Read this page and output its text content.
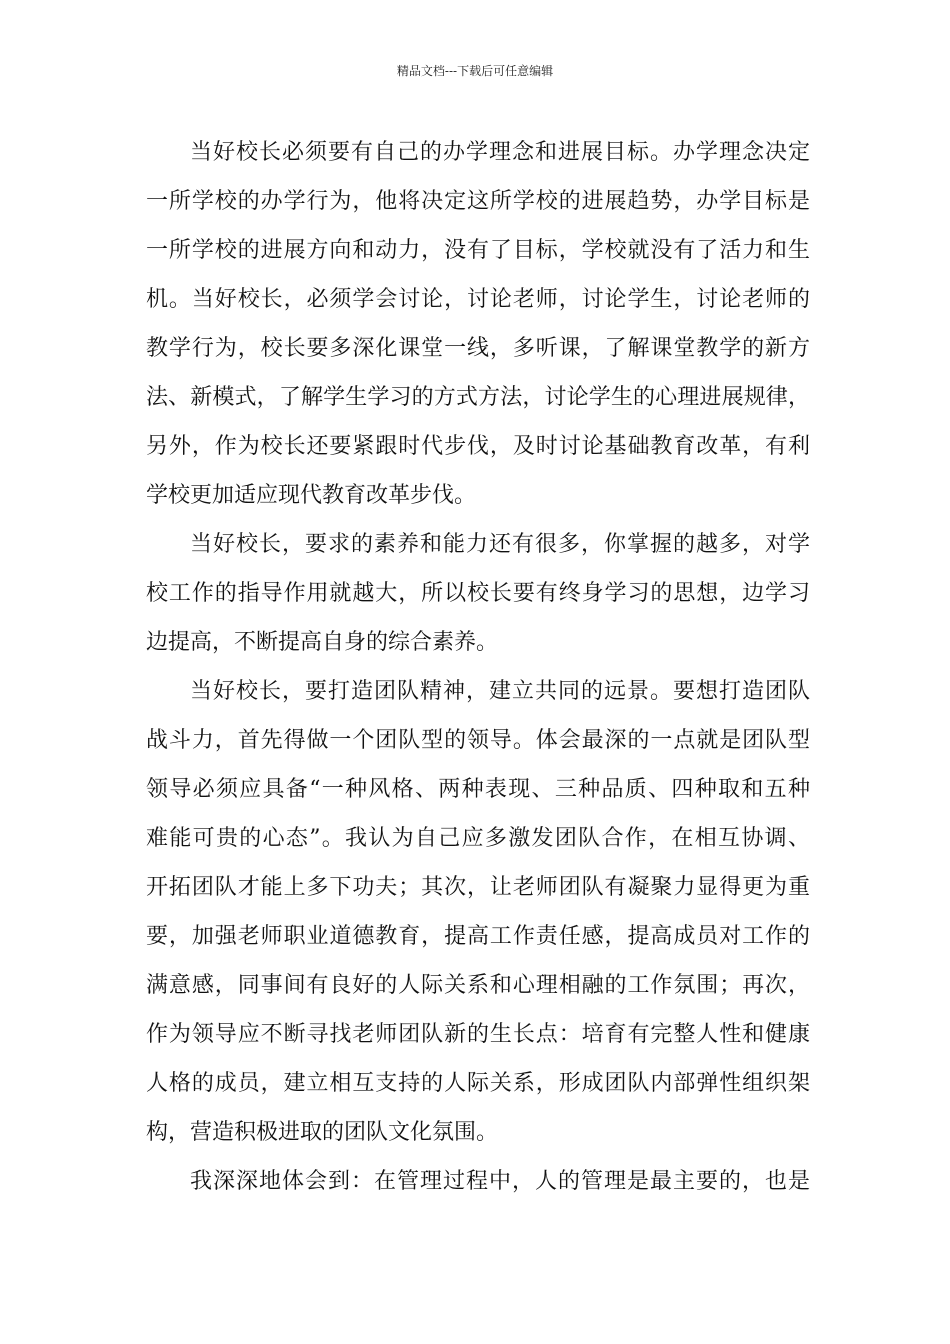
精品文档---下载后可任意编辑
当好校长必须要有自己的办学理念和进展目标。办学理念决定
一所学校的办学行为，他将决定这所学校的进展趋势，办学目标是
一所学校的进展方向和动力，没有了目标，学校就没有了活力和生
机。当好校长，必须学会讨论，讨论老师，讨论学生，讨论老师的
教学行为，校长要多深化课堂一线，多听课，了解课堂教学的新方
法、新模式，了解学生学习的方式方法，讨论学生的心理进展规律，
另外，作为校长还要紧跟时代步伐，及时讨论基础教育改革，有利
学校更加适应现代教育改革步伐。
当好校长，要求的素养和能力还有很多，你掌握的越多，对学
校工作的指导作用就越大，所以校长要有终身学习的思想，边学习
边提高，不断提高自身的综合素养。
当好校长，要打造团队精神，建立共同的远景。要想打造团队
战斗力，首先得做一个团队型的领导。体会最深的一点就是团队型
领导必须应具备“一种风格、两种表现、三种品质、四种取和五种
难能可贵的心态”。我认为自己应多激发团队合作，在相互协调、
开拓团队才能上多下功夫；其次，让老师团队有凝聚力显得更为重
要，加强老师职业道德教育，提高工作责任感，提高成员对工作的
满意感，同事间有良好的人际关系和心理相融的工作氛围；再次，
作为领导应不断寻找老师团队新的生长点：培育有完整人性和健康
人格的成员，建立相互支持的人际关系，形成团队内部弹性组织架
构，营造积极进取的团队文化氛围。
我深深地体会到：在管理过程中，人的管理是最主要的，也是
